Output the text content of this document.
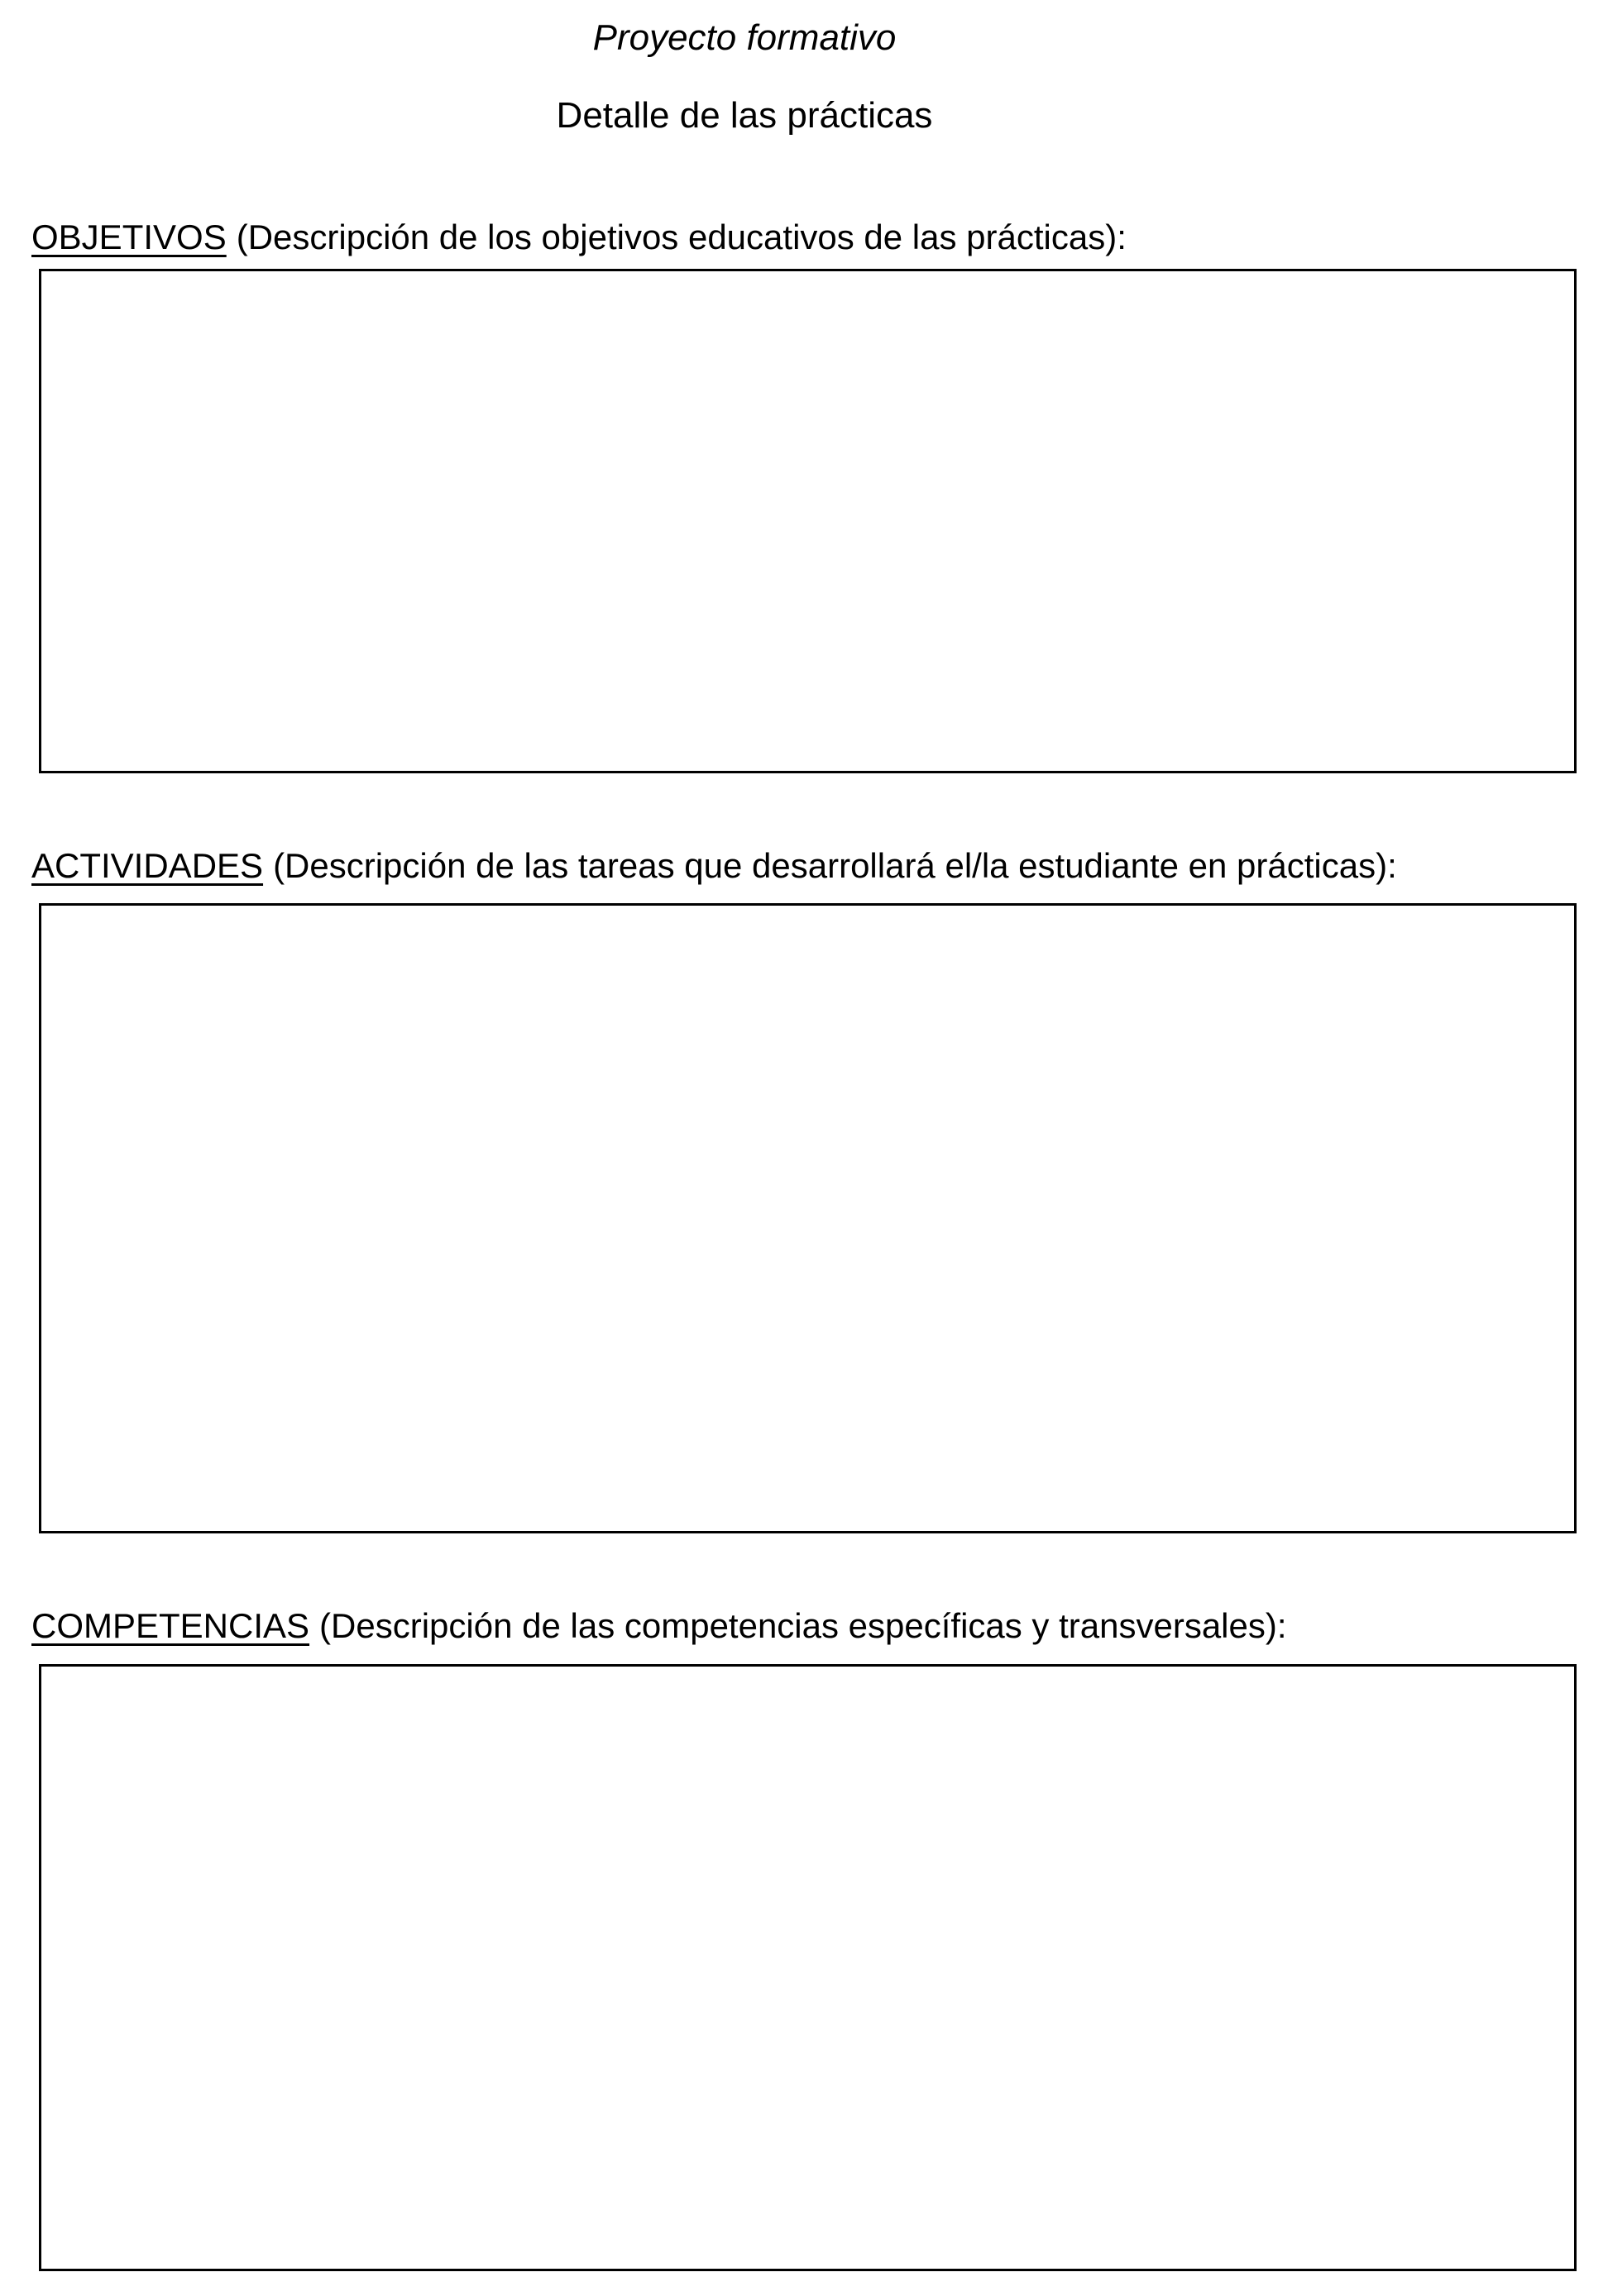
Proyecto formativo
Detalle de las prácticas
OBJETIVOS (Descripción de los objetivos educativos de las prácticas):
ACTIVIDADES (Descripción de las tareas que desarrollará el/la estudiante en prácticas):
COMPETENCIAS (Descripción de las competencias específicas y transversales):
